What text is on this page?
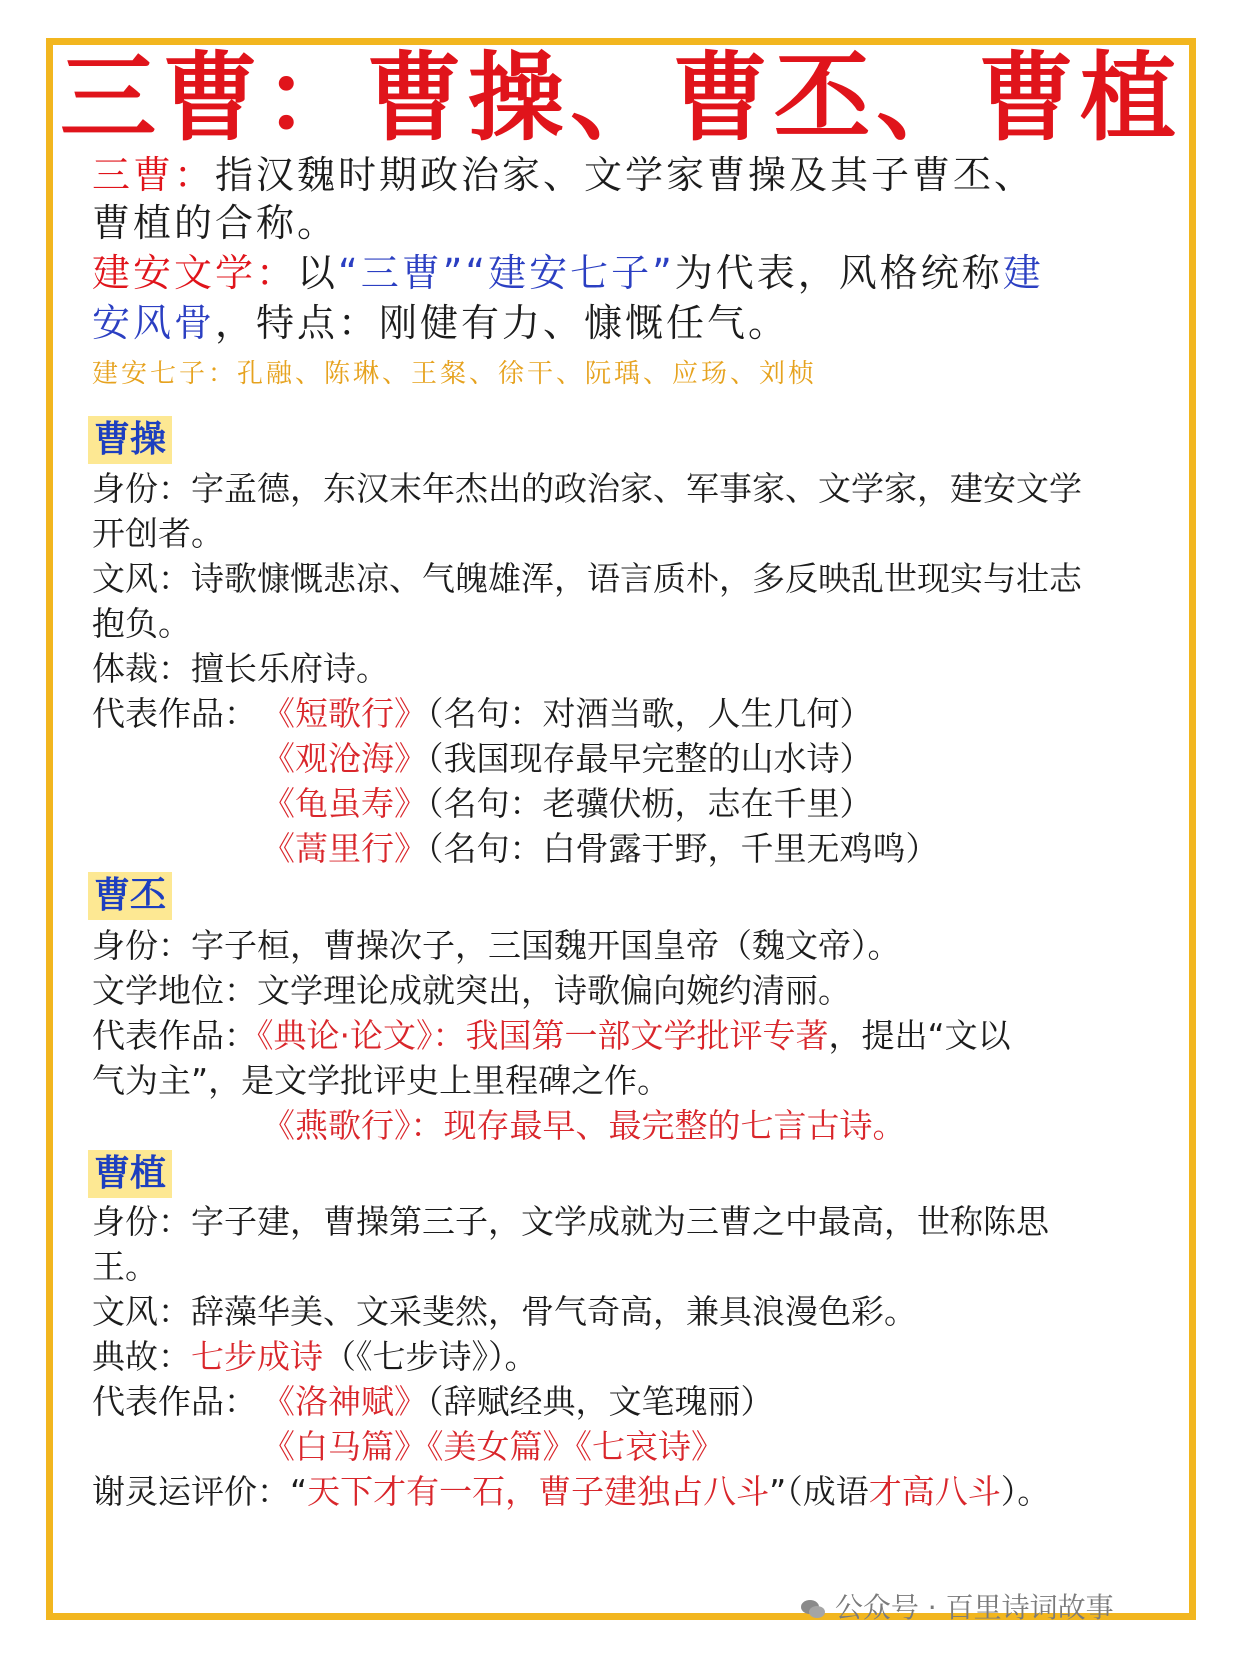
三曹：曹操、曹丕、曹植
三曹：指汉魏时期政治家、文学家曹操及其子曹丕、
曹植的合称。
建安文学：以“三曹”“建安七子”为代表，风格统称建
安风骨，特点：刚健有力、慷慨任气。
建安七子：孔融、陈琳、王粲、徐干、阮瑀、应玚、刘桢
曹操
身份：字孟德，东汉末年杰出的政治家、军事家、文学家，建安文学
开创者。
文风：诗歌慷慨悲凉、气魄雄浑，语言质朴，多反映乱世现实与壮志
抱负。
体裁：擅长乐府诗。
代表作品： 《短歌行》（名句：对酒当歌，人生几何）
《观沧海》（我国现存最早完整的山水诗）
《龟虽寿》（名句：老骥伏枥，志在千里）
《蒿里行》（名句：白骨露于野，千里无鸡鸣）
曹丕
身份：字子桓，曹操次子，三国魏开国皇帝（魏文帝）。
文学地位：文学理论成就突出，诗歌偏向婉约清丽。
代表作品：《典论·论文》：我国第一部文学批评专著，提出“文以
气为主”，是文学批评史上里程碑之作。
《燕歌行》：现存最早、最完整的七言古诗。
曹植
身份：字子建，曹操第三子，文学成就为三曹之中最高，世称陈思
王。
文风：辞藻华美、文采斐然，骨气奇高，兼具浪漫色彩。
典故：七步成诗（《七步诗》）。
代表作品： 《洛神赋》（辞赋经典，文笔瑰丽）
《白马篇》《美女篇》《七哀诗》
谢灵运评价：“天下才有一石，曹子建独占八斗”（成语才高八斗）。
公众号 · 百里诗词故事
